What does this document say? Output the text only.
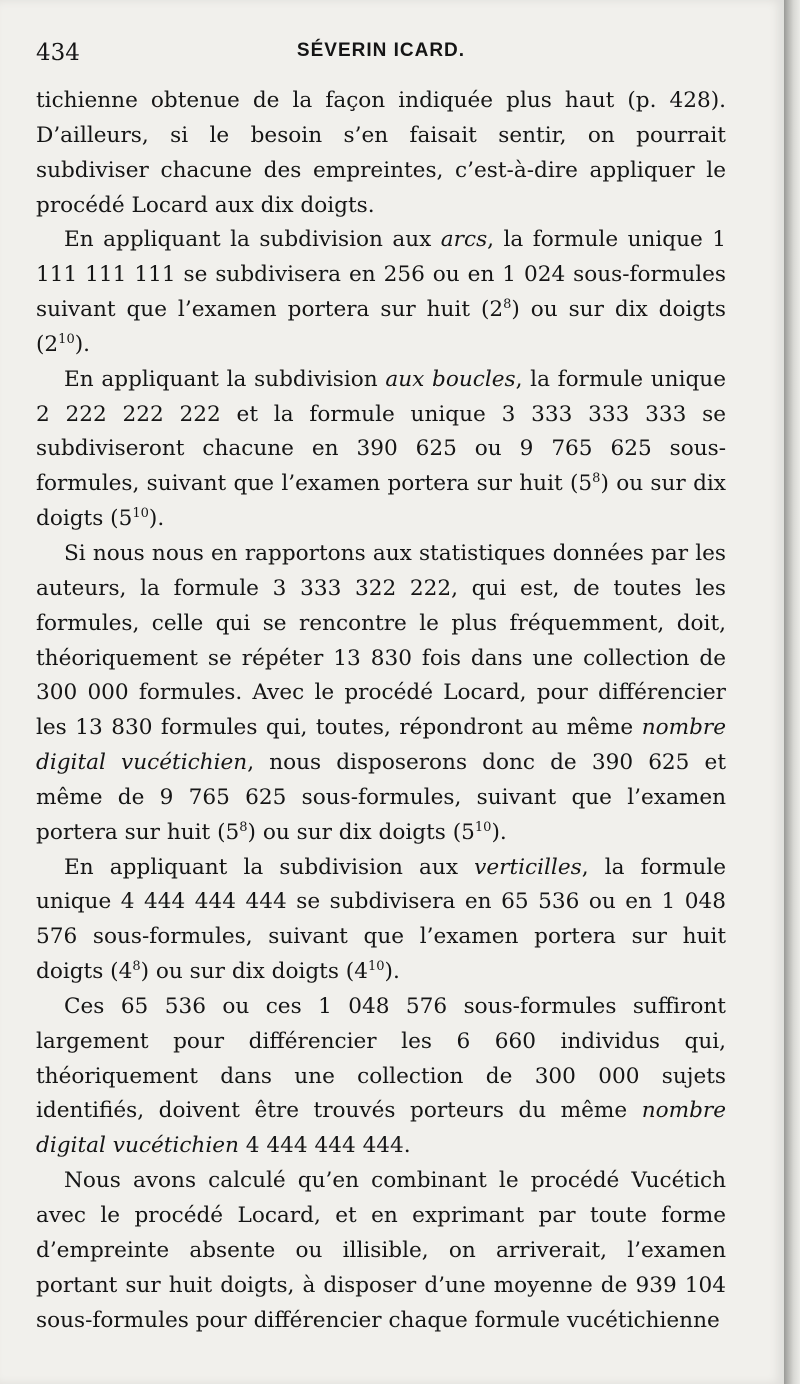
434	SÉVERIN ICARD.

tichienne obtenue de la façon indiquée plus haut (p. 428). D’ailleurs, si le besoin s’en faisait sentir, on pourrait subdiviser chacune des empreintes, c’est-à-dire appliquer le procédé Locard aux dix doigts.

En appliquant la subdivision aux arcs, la formule unique 1 111 111 111 se subdivisera en 256 ou en 1 024 sous-formules suivant que l’examen portera sur huit $(2^8)$ ou sur dix doigts $(2^{10})$.

En appliquant la subdivision aux boucles, la formule unique 2 222 222 222 et la formule unique 3 333 333 333 se subdiviseront chacune en 390 625 ou 9 765 625 sous-formules, suivant que l’examen portera sur huit $(5^8)$ ou sur dix doigts $(5^{10})$.

Si nous nous en rapportons aux statistiques données par les auteurs, la formule 3 333 322 222, qui est, de toutes les formules, celle qui se rencontre le plus fréquemment, doit, théoriquement se répéter 13 830 fois dans une collection de 300 000 formules. Avec le procédé Locard, pour différencier les 13 830 formules qui, toutes, répondront au même nombre digital vucétichien, nous disposerons donc de 390 625 et même de 9 765 625 sous-formules, suivant que l’examen portera sur huit $(5^8)$ ou sur dix doigts $(5^{10})$.

En appliquant la subdivision aux verticilles, la formule unique 4 444 444 444 se subdivisera en 65 536 ou en 1 048 576 sous-formules, suivant que l’examen portera sur huit doigts $(4^8)$ ou sur dix doigts $(4^{10})$.

Ces 65 536 ou ces 1 048 576 sous-formules suffiront largement pour différencier les 6 660 individus qui, théoriquement dans une collection de 300 000 sujets identifiés, doivent être trouvés porteurs du même nombre digital vucétichien 4 444 444 444.

Nous avons calculé qu’en combinant le procédé Vucétich avec le procédé Locard, et en exprimant par toute forme d’empreinte absente ou illisible, on arriverait, l’examen portant sur huit doigts, à disposer d’une moyenne de 939 104 sous-formules pour différencier chaque formule vucétichienne
